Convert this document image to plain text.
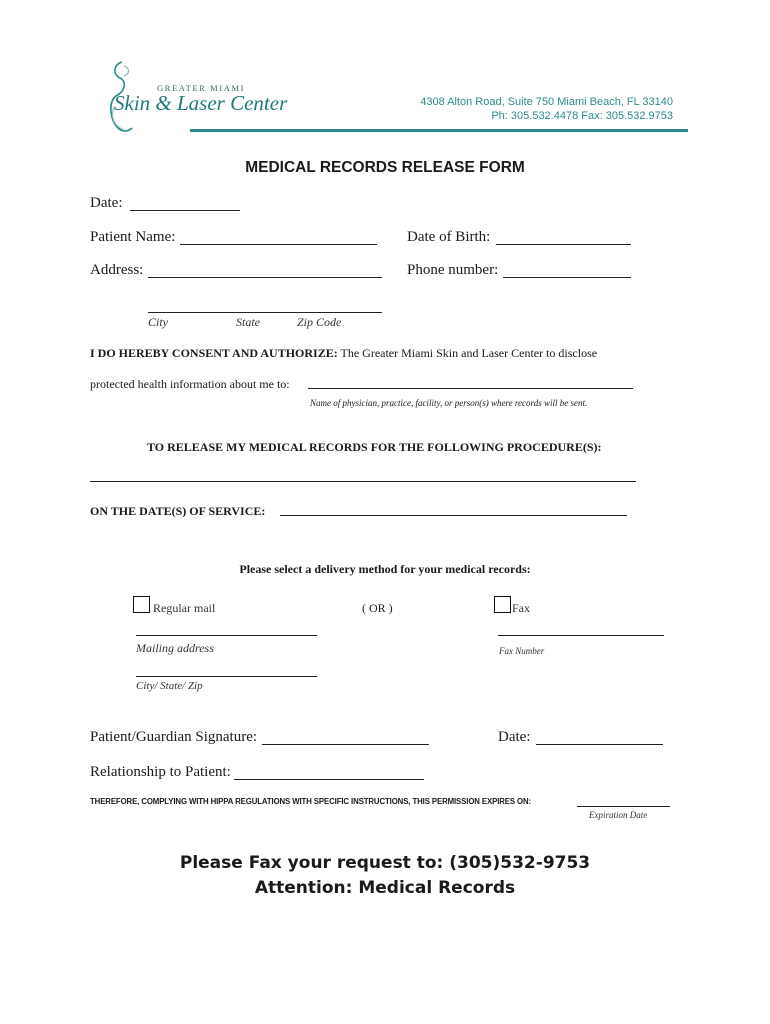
GREATER MIAMI
Skin & Laser Center	4308 Alton Road, Suite 750 Miami Beach, FL 33140
Ph: 305.532.4478 Fax: 305.532.9753
MEDICAL RECORDS RELEASE FORM
Date:
Patient Name:	Date of Birth:
Address:	Phone number:
City	State	Zip Code
I DO HEREBY CONSENT AND AUTHORIZE: The Greater Miami Skin and Laser Center to disclose
protected health information about me to:
Name of physician, practice, facility, or person(s) where records will be sent.
TO RELEASE MY MEDICAL RECORDS FOR THE FOLLOWING PROCEDURE(S):
ON THE DATE(S) OF SERVICE:
Please select a delivery method for your medical records:
Regular mail	( OR )	Fax
Mailing address	Fax Number
City/ State/ Zip
Patient/Guardian Signature:	Date:
Relationship to Patient:
THEREFORE, COMPLYING WITH HIPPA REGULATIONS WITH SPECIFIC INSTRUCTIONS, THIS PERMISSION EXPIRES ON:
Expiration Date
Please Fax your request to: (305)532-9753
Attention: Medical Records
